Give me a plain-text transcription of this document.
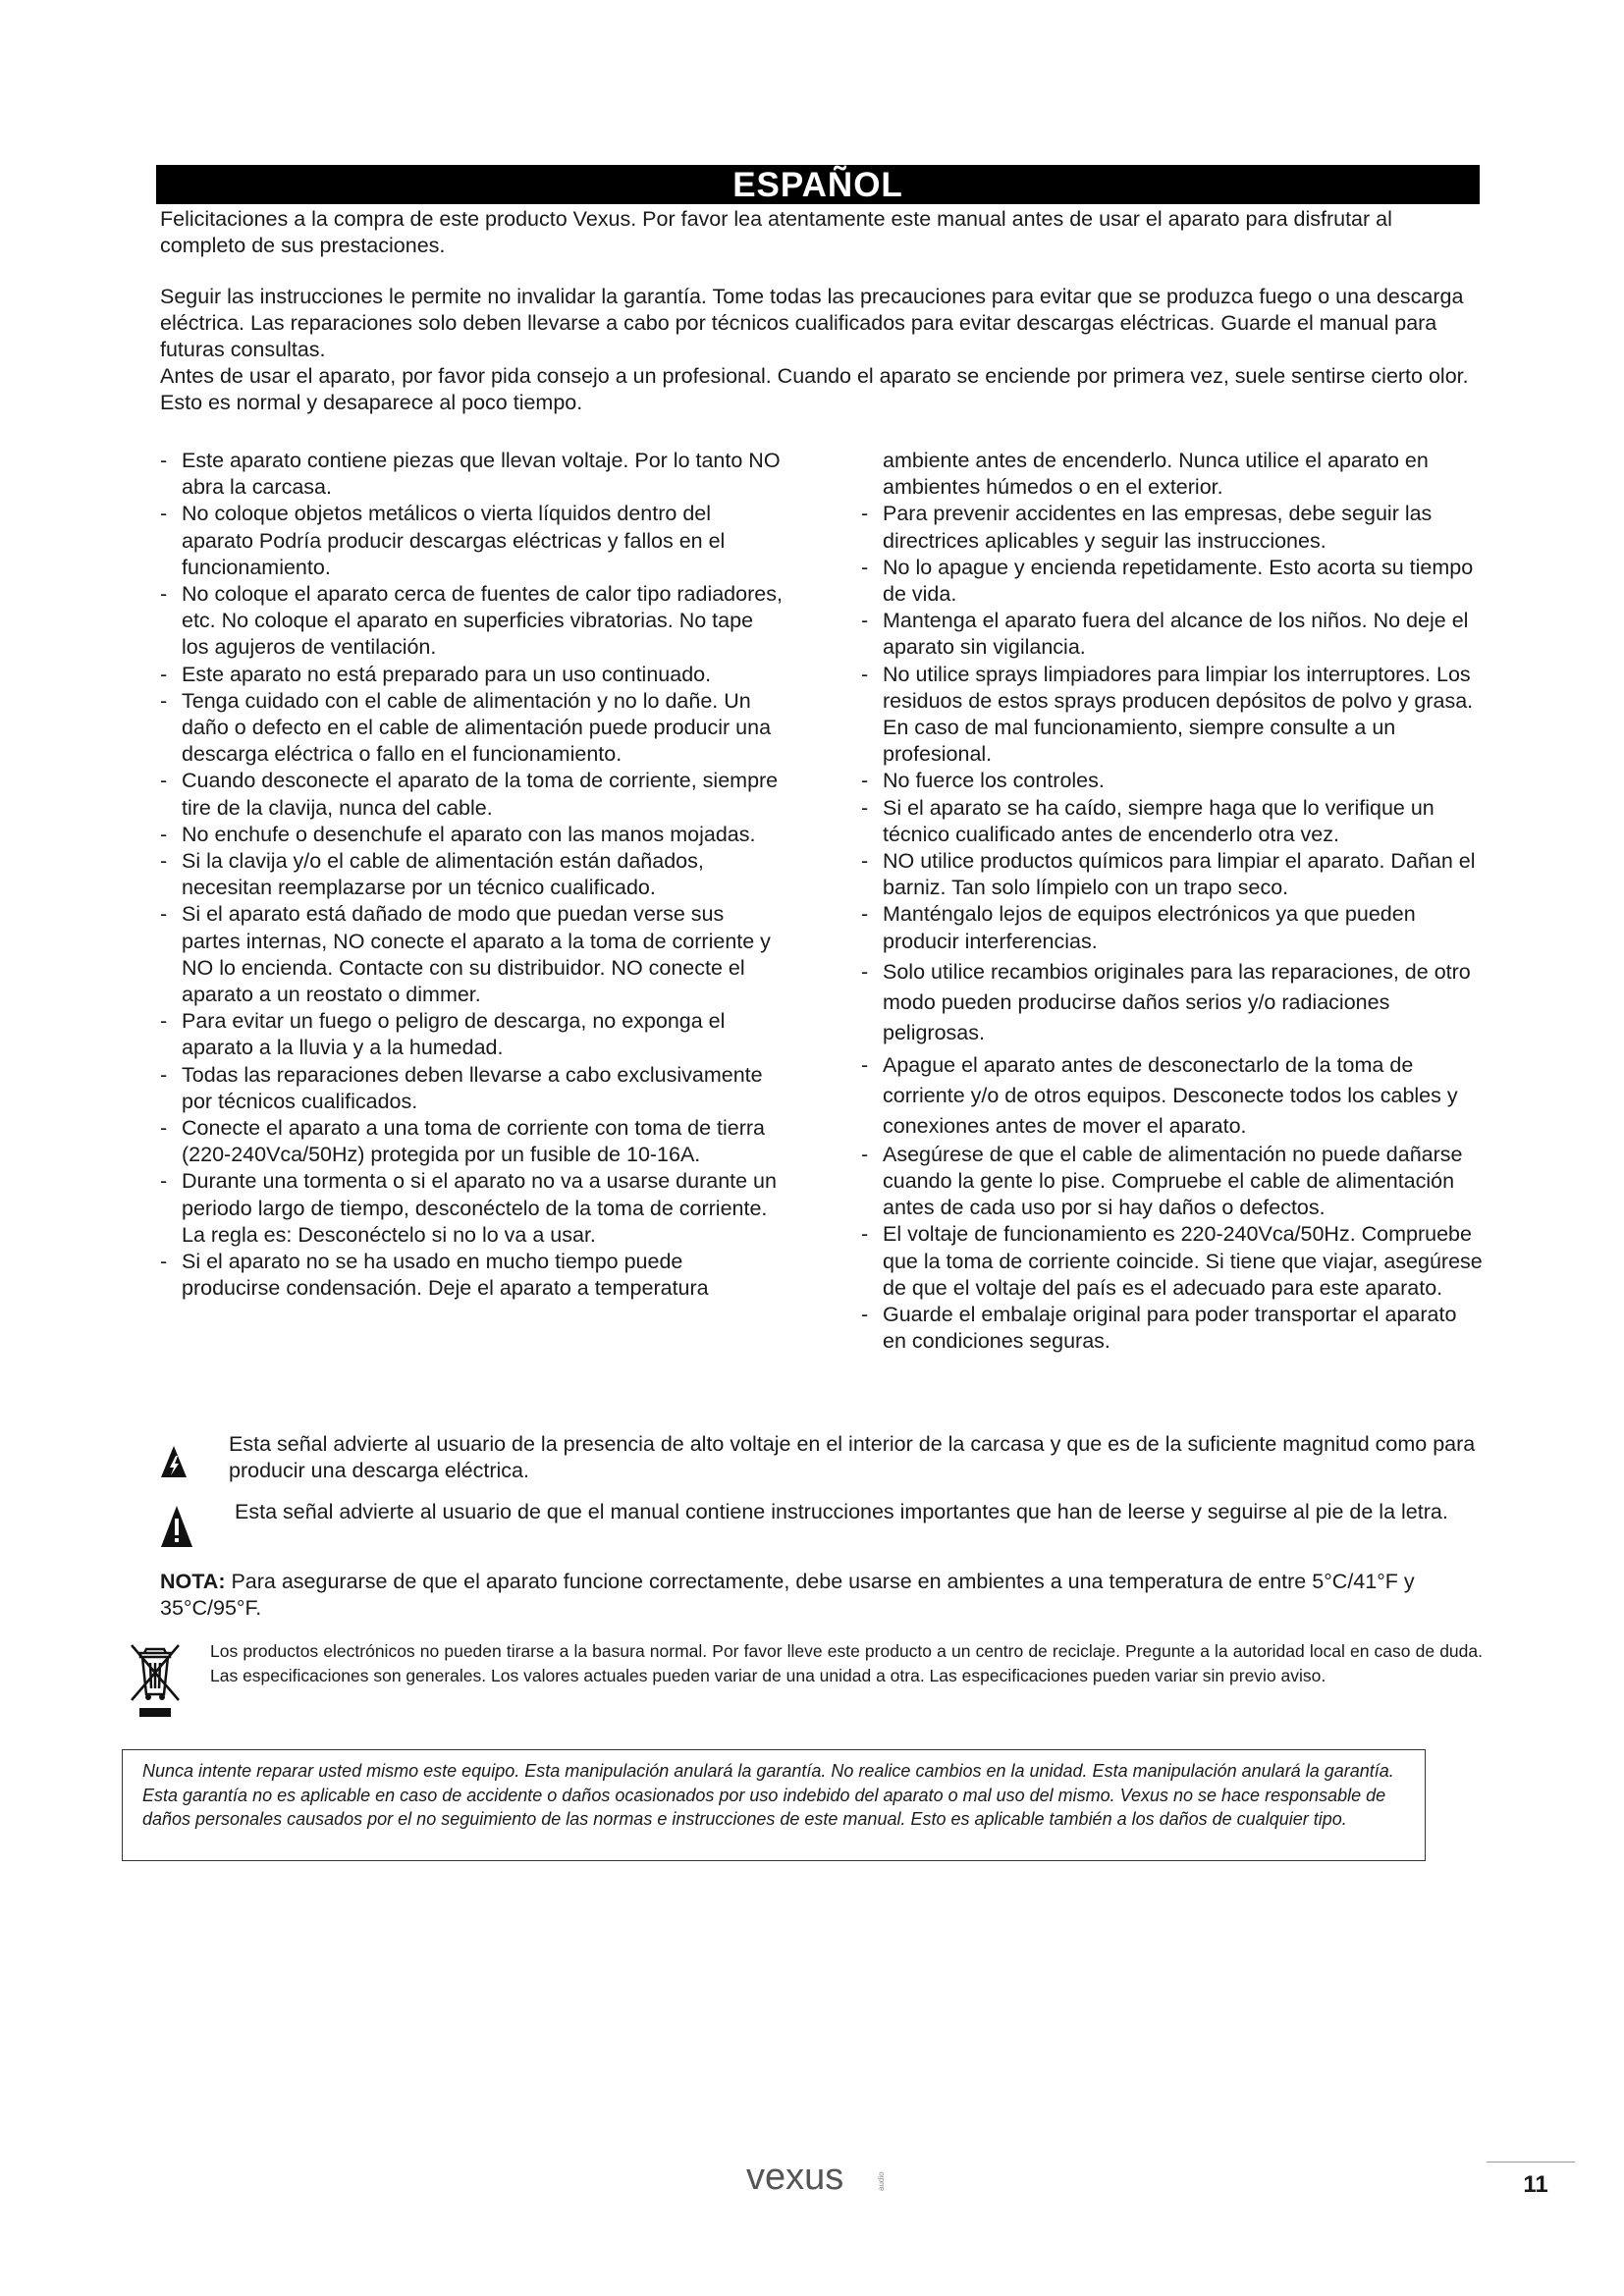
ESPAÑOL

Felicitaciones a la compra de este producto Vexus. Por favor lea atentamente este manual antes de usar el aparato para disfrutar al completo de sus prestaciones.

Seguir las instrucciones le permite no invalidar la garantía. Tome todas las precauciones para evitar que se produzca fuego o una descarga eléctrica. Las reparaciones solo deben llevarse a cabo por técnicos cualificados para evitar descargas eléctricas. Guarde el manual para futuras consultas.

Antes de usar el aparato, por favor pida consejo a un profesional. Cuando el aparato se enciende por primera vez, suele sentirse cierto olor. Esto es normal y desaparece al poco tiempo.

- Este aparato contiene piezas que llevan voltaje. Por lo tanto NO abra la carcasa.
- No coloque objetos metálicos o vierta líquidos dentro del aparato Podría producir descargas eléctricas y fallos en el funcionamiento.
- No coloque el aparato cerca de fuentes de calor tipo radiadores, etc. No coloque el aparato en superficies vibratorias. No tape los agujeros de ventilación.
- Este aparato no está preparado para un uso continuado.
- Tenga cuidado con el cable de alimentación y no lo dañe. Un daño o defecto en el cable de alimentación puede producir una descarga eléctrica o fallo en el funcionamiento.
- Cuando desconecte el aparato de la toma de corriente, siempre tire de la clavija, nunca del cable.
- No enchufe o desenchufe el aparato con las manos mojadas.
- Si la clavija y/o el cable de alimentación están dañados, necesitan reemplazarse por un técnico cualificado.
- Si el aparato está dañado de modo que puedan verse sus partes internas, NO conecte el aparato a la toma de corriente y NO lo encienda. Contacte con su distribuidor. NO conecte el aparato a un reostato o dimmer.
- Para evitar un fuego o peligro de descarga, no exponga el aparato a la lluvia y a la humedad.
- Todas las reparaciones deben llevarse a cabo exclusivamente por técnicos cualificados.
- Conecte el aparato a una toma de corriente con toma de tierra (220-240Vca/50Hz) protegida por un fusible de 10-16A.
- Durante una tormenta o si el aparato no va a usarse durante un periodo largo de tiempo, desconéctelo de la toma de corriente. La regla es: Desconéctelo si no lo va a usar.
- Si el aparato no se ha usado en mucho tiempo puede producirse condensación. Deje el aparato a temperatura
ambiente antes de encenderlo. Nunca utilice el aparato en ambientes húmedos o en el exterior.
- Para prevenir accidentes en las empresas, debe seguir las directrices aplicables y seguir las instrucciones.
- No lo apague y encienda repetidamente. Esto acorta su tiempo de vida.
- Mantenga el aparato fuera del alcance de los niños. No deje el aparato sin vigilancia.
- No utilice sprays limpiadores para limpiar los interruptores. Los residuos de estos sprays producen depósitos de polvo y grasa. En caso de mal funcionamiento, siempre consulte a un profesional.
- No fuerce los controles.
- Si el aparato se ha caído, siempre haga que lo verifique un técnico cualificado antes de encenderlo otra vez.
- NO utilice productos químicos para limpiar el aparato. Dañan el barniz. Tan solo límpielo con un trapo seco.
- Manténgalo lejos de equipos electrónicos ya que pueden producir interferencias.
- Solo utilice recambios originales para las reparaciones, de otro modo pueden producirse daños serios y/o radiaciones peligrosas.
- Apague el aparato antes de desconectarlo de la toma de corriente y/o de otros equipos. Desconecte todos los cables y conexiones antes de mover el aparato.
- Asegúrese de que el cable de alimentación no puede dañarse cuando la gente lo pise. Compruebe el cable de alimentación antes de cada uso por si hay daños o defectos.
- El voltaje de funcionamiento es 220-240Vca/50Hz. Compruebe que la toma de corriente coincide. Si tiene que viajar, asegúrese de que el voltaje del país es el adecuado para este aparato.
- Guarde el embalaje original para poder transportar el aparato en condiciones seguras.
Esta señal advierte al usuario de la presencia de alto voltaje en el interior de la carcasa y que es de la suficiente magnitud como para producir una descarga eléctrica.
Esta señal advierte al usuario de que el manual contiene instrucciones importantes que han de leerse y seguirse al pie de la letra.
NOTA: Para asegurarse de que el aparato funcione correctamente, debe usarse en ambientes a una temperatura de entre 5°C/41°F y 35°C/95°F.
Los productos electrónicos no pueden tirarse a la basura normal. Por favor lleve este producto a un centro de reciclaje. Pregunte a la autoridad local en caso de duda. Las especificaciones son generales. Los valores actuales pueden variar de una unidad a otra. Las especificaciones pueden variar sin previo aviso.
Nunca intente reparar usted mismo este equipo. Esta manipulación anulará la garantía. No realice cambios en la unidad. Esta manipulación anulará la garantía. Esta garantía no es aplicable en caso de accidente o daños ocasionados por uso indebido del aparato o mal uso del mismo. Vexus no se hace responsable de daños personales causados por el no seguimiento de las normas e instrucciones de este manual. Esto es aplicable también a los daños de cualquier tipo.
vexus	audio	11
